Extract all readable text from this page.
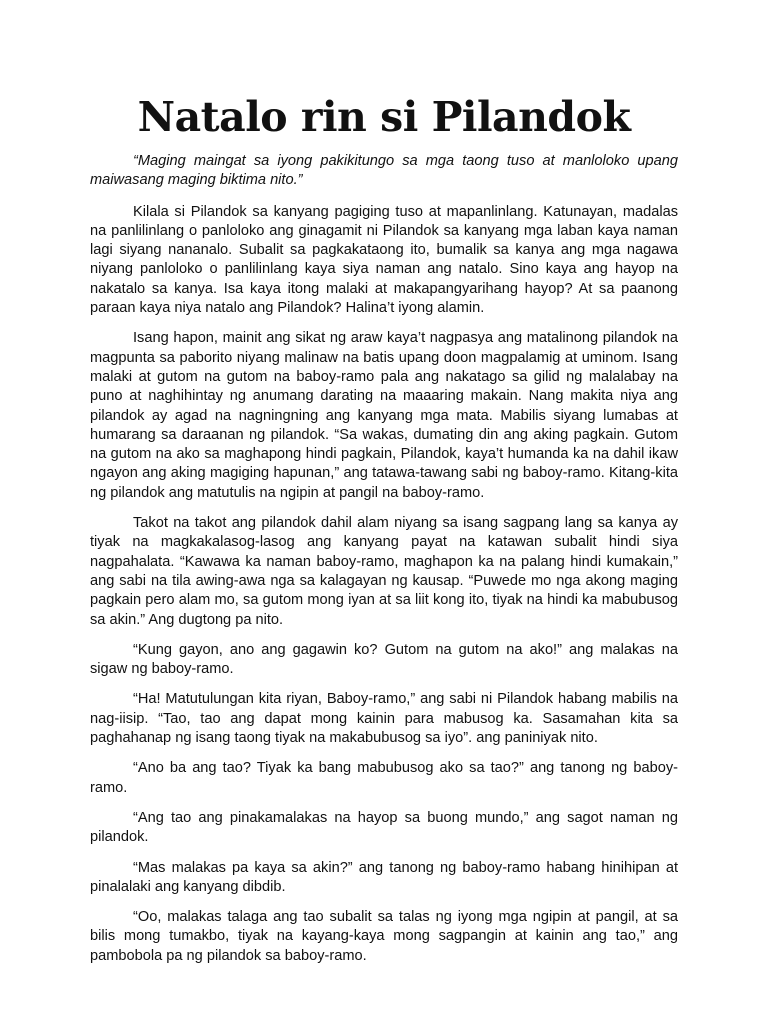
Natalo rin si Pilandok

“Maging maingat sa iyong pakikitungo sa mga taong tuso at manloloko upang maiwasang maging biktima nito.”

Kilala si Pilandok sa kanyang pagiging tuso at mapanlinlang. Katunayan, madalas na panlilinlang o panloloko ang ginagamit ni Pilandok sa kanyang mga laban kaya naman lagi siyang nananalo. Subalit sa pagkakataong ito, bumalik sa kanya ang mga nagawa niyang panloloko o panlilinlang kaya siya naman ang natalo. Sino kaya ang hayop na nakatalo sa kanya. Isa kaya itong malaki at makapangyarihang hayop? At sa paanong paraan kaya niya natalo ang Pilandok? Halina’t iyong alamin.

Isang hapon, mainit ang sikat ng araw kaya’t nagpasya ang matalinong pilandok na magpunta sa paborito niyang malinaw na batis upang doon magpalamig at uminom. Isang malaki at gutom na gutom na baboy-ramo pala ang nakatago sa gilid ng malalabay na puno at naghihintay ng anumang darating na maaaring makain. Nang makita niya ang pilandok ay agad na nagningning ang kanyang mga mata. Mabilis siyang lumabas at humarang sa daraanan ng pilandok. “Sa wakas, dumating din ang aking pagkain. Gutom na gutom na ako sa maghapong hindi pagkain, Pilandok, kaya’t humanda ka na dahil ikaw ngayon ang aking magiging hapunan,” ang tatawa-tawang sabi ng baboy-ramo. Kitang-kita ng pilandok ang matutulis na ngipin at pangil na baboy-ramo.

Takot na takot ang pilandok dahil alam niyang sa isang sagpang lang sa kanya ay tiyak na magkakalasog-lasog ang kanyang payat na katawan subalit hindi siya nagpahalata. “Kawawa ka naman baboy-ramo, maghapon ka na palang hindi kumakain,” ang sabi na tila awing-awa nga sa kalagayan ng kausap. “Puwede mo nga akong maging pagkain pero alam mo, sa gutom mong iyan at sa liit kong ito, tiyak na hindi ka mabubusog sa akin.” Ang dugtong pa nito.

“Kung gayon, ano ang gagawin ko? Gutom na gutom na ako!” ang malakas na sigaw ng baboy-ramo.

“Ha! Matutulungan kita riyan, Baboy-ramo,” ang sabi ni Pilandok habang mabilis na nag-iisip. “Tao, tao ang dapat mong kainin para mabusog ka. Sasamahan kita sa paghahanap ng isang taong tiyak na makabubusog sa iyo”. ang paniniyak nito.

“Ano ba ang tao? Tiyak ka bang mabubusog ako sa tao?” ang tanong ng baboy-ramo.

“Ang tao ang pinakamalakas na hayop sa buong mundo,” ang sagot naman ng pilandok.

“Mas malakas pa kaya sa akin?” ang tanong ng baboy-ramo habang hinihipan at pinalalaki ang kanyang dibdib.

“Oo, malakas talaga ang tao subalit sa talas ng iyong mga ngipin at pangil, at sa bilis mong tumakbo, tiyak na kayang-kaya mong sagpangin at kainin ang tao,” ang pambobola pa ng pilandok sa baboy-ramo.
